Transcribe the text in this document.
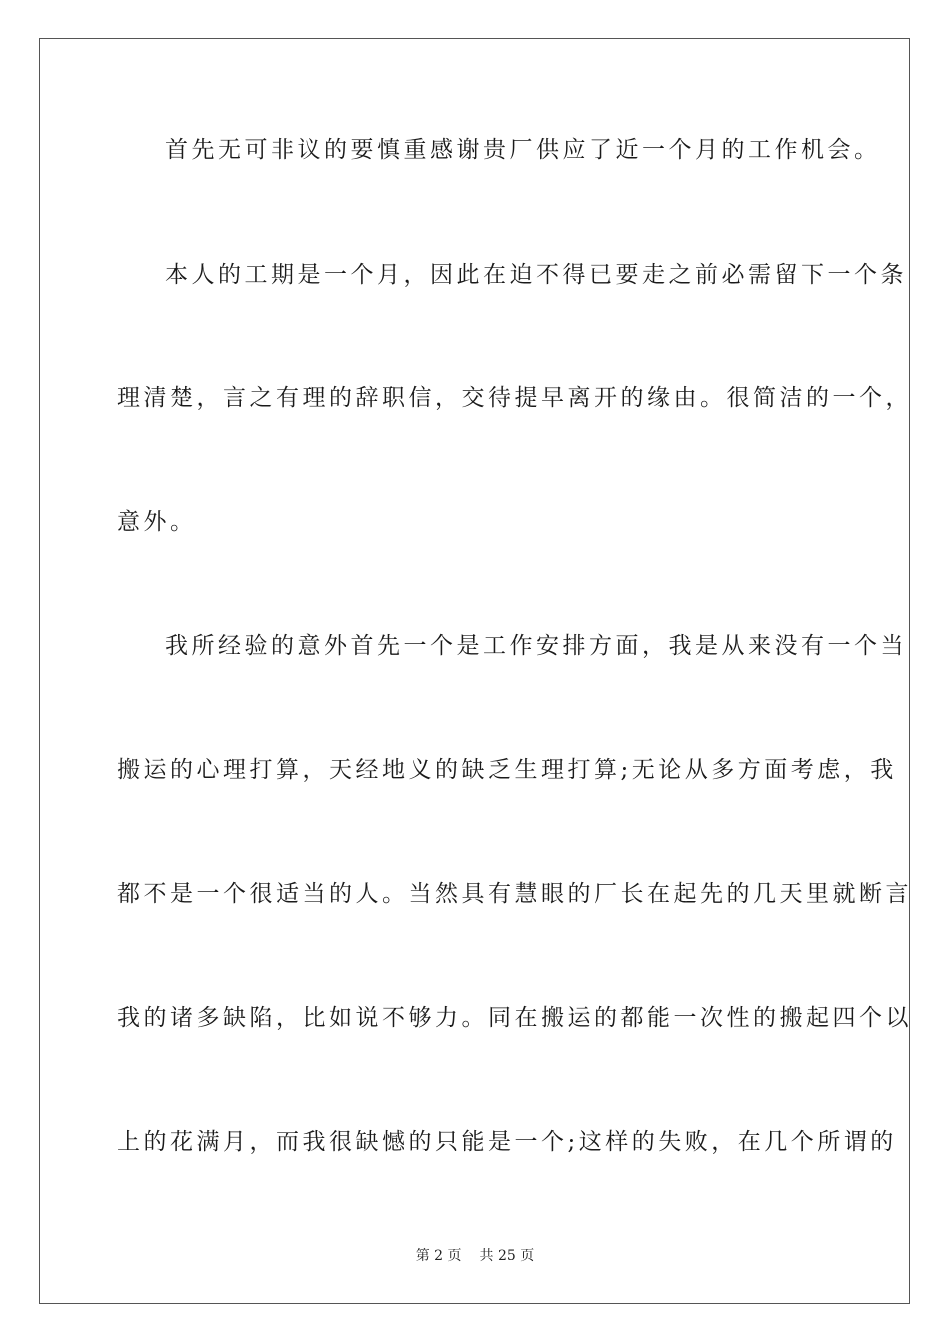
首先无可非议的要慎重感谢贵厂供应了近一个月的工作机会。
本人的工期是一个月，因此在迫不得已要走之前必需留下一个条
理清楚，言之有理的辞职信，交待提早离开的缘由。很简洁的一个，
意外。
我所经验的意外首先一个是工作安排方面，我是从来没有一个当
搬运的心理打算，天经地义的缺乏生理打算;无论从多方面考虑，我
都不是一个很适当的人。当然具有慧眼的厂长在起先的几天里就断言
我的诸多缺陷，比如说不够力。同在搬运的都能一次性的搬起四个以
上的花满月，而我很缺憾的只能是一个;这样的失败，在几个所谓的
第 2 页 共 25 页
